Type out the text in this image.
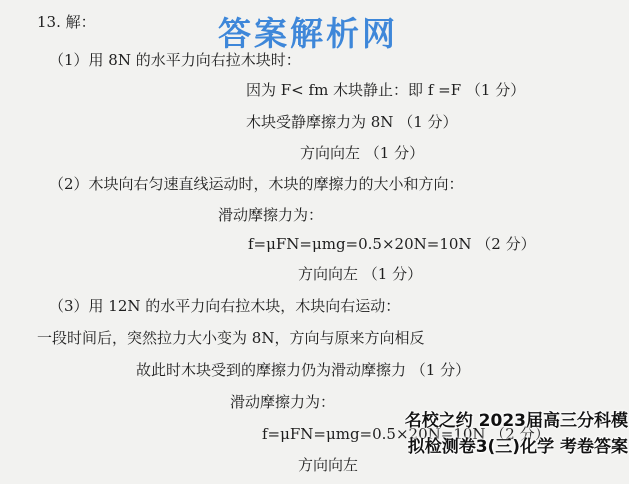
答案解析网
13. 解：
（1）用 8N 的水平力向右拉木块时：
因为 F< fm 木块静止：即 f =F （1 分）
木块受静摩擦力为 8N （1 分）
方向向左 （1 分）
（2）木块向右匀速直线运动时，木块的摩擦力的大小和方向：
滑动摩擦力为：
f=μFN=μmg=0.5×20N=10N （2 分）
方向向左 （1 分）
（3）用 12N 的水平力向右拉木块，木块向右运动：
一段时间后，突然拉力大小变为 8N，方向与原来方向相反
故此时木块受到的摩擦力仍为滑动摩擦力 （1 分）
滑动摩擦力为：
f=μFN=μmg=0.5×20N=10N （2 分）
方向向左
名校之约 2023届高三分科模
拟检测卷3(三)化学 考卷答案
